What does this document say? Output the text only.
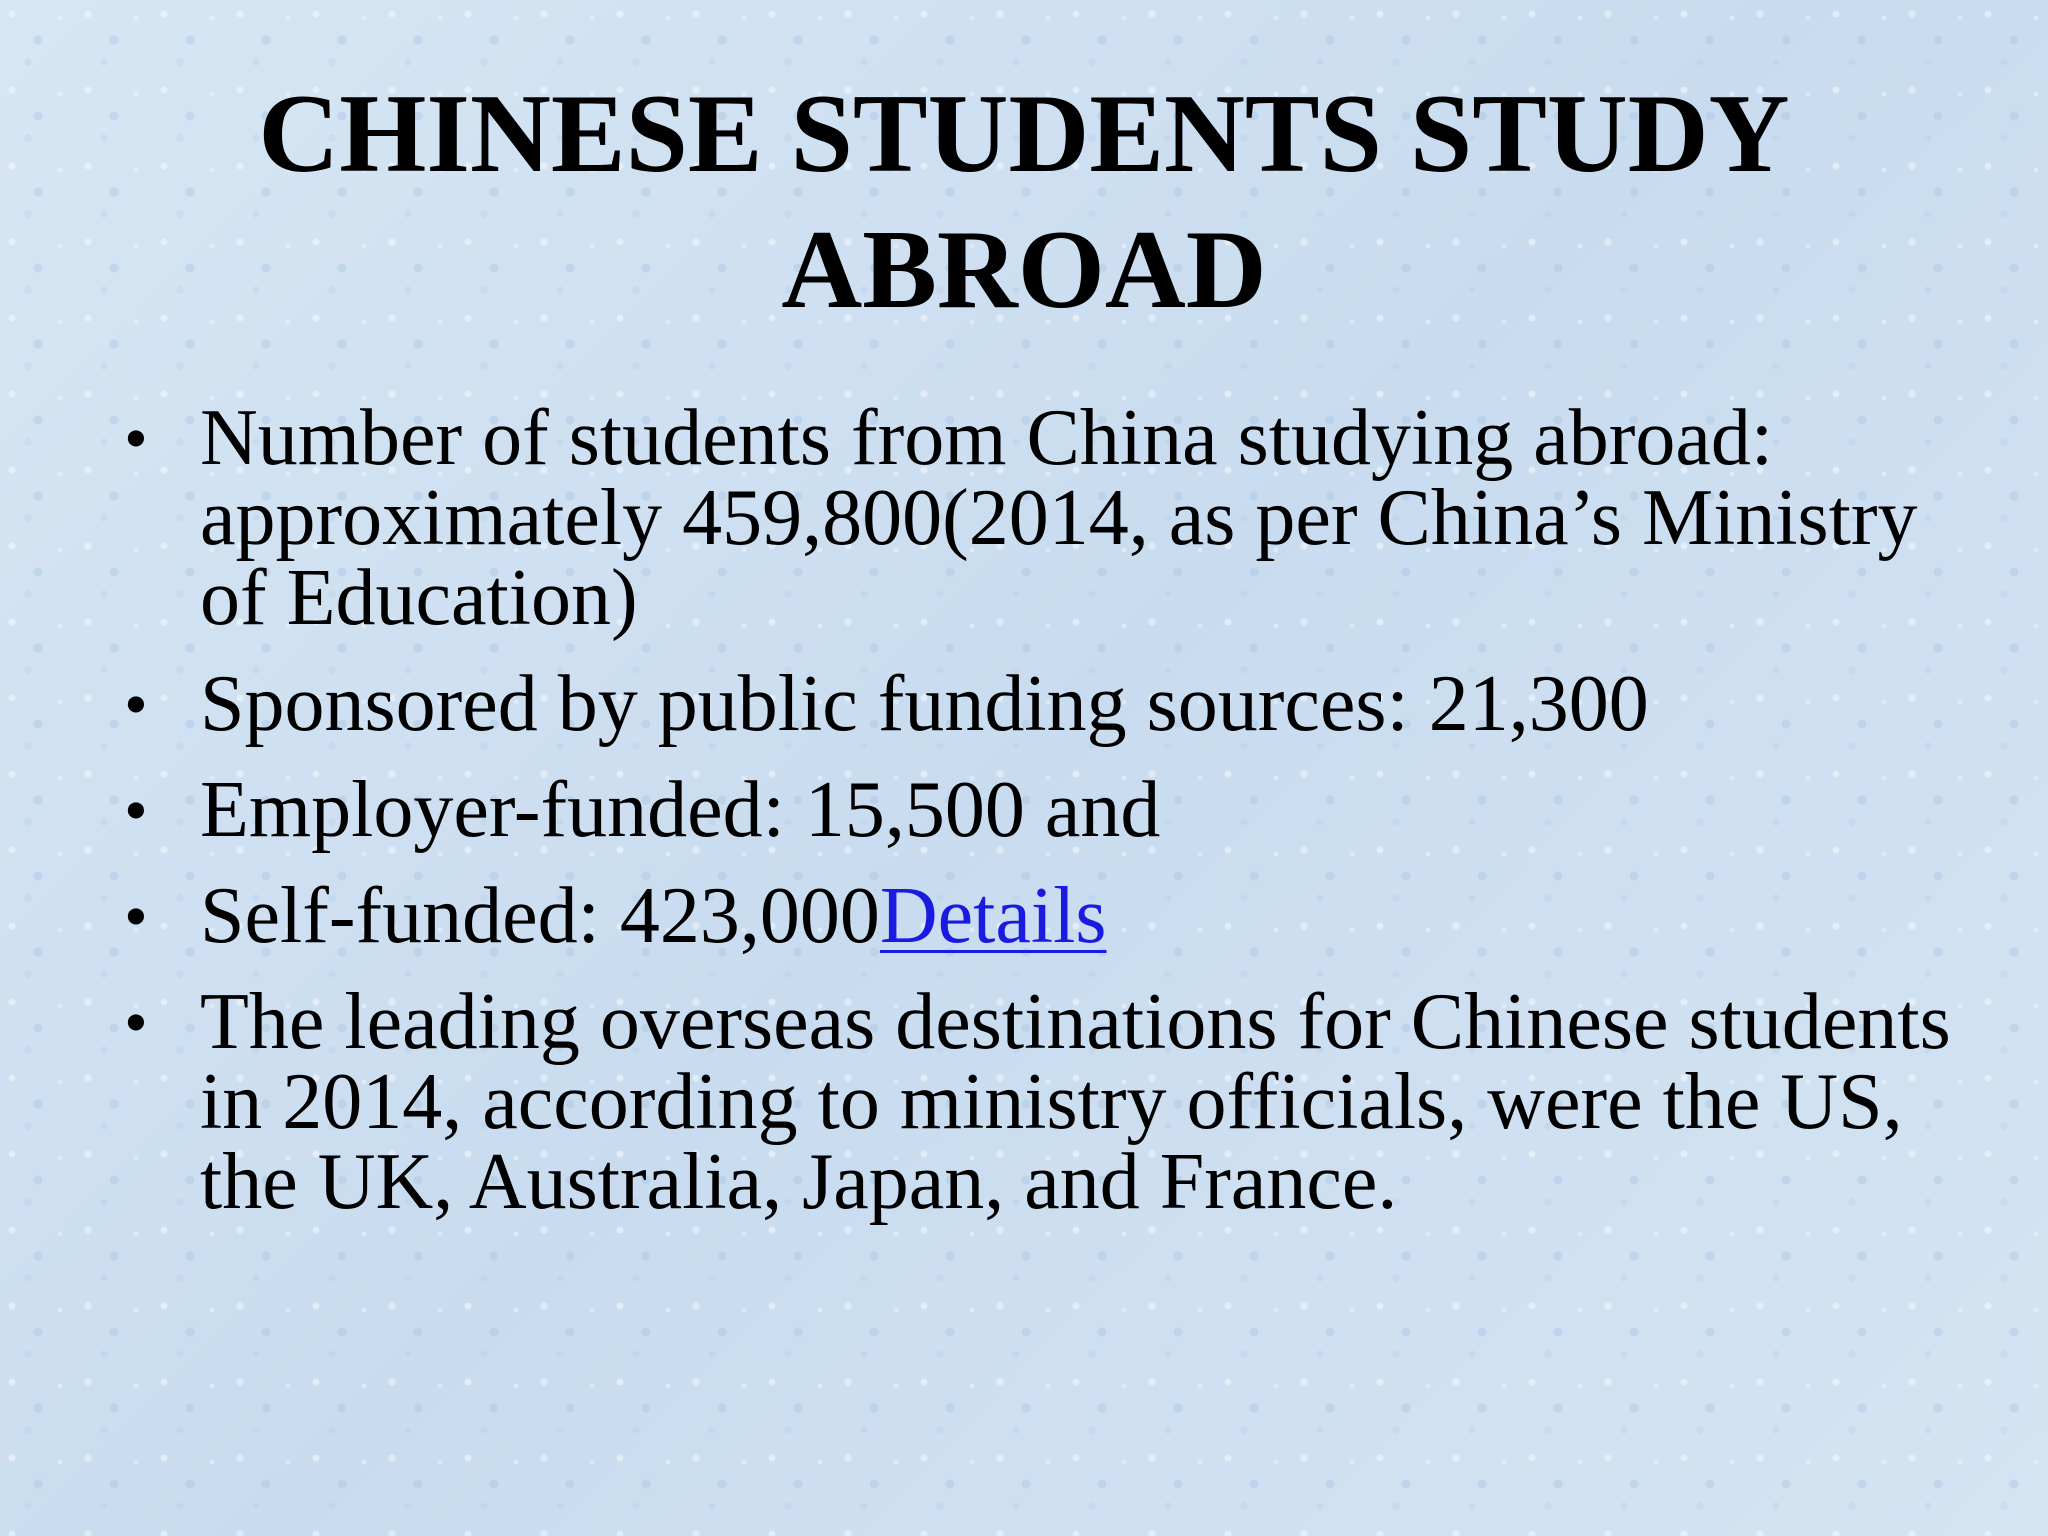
CHINESE STUDENTS STUDY ABROAD
• Number of students from China studying abroad: approximately 459,800(2014, as per China’s Ministry of Education)
• Sponsored by public funding sources: 21,300
• Employer-funded: 15,500 and
• Self-funded: 423,000Details
• The leading overseas destinations for Chinese students in 2014, according to ministry officials, were the US, the UK, Australia, Japan, and France.
